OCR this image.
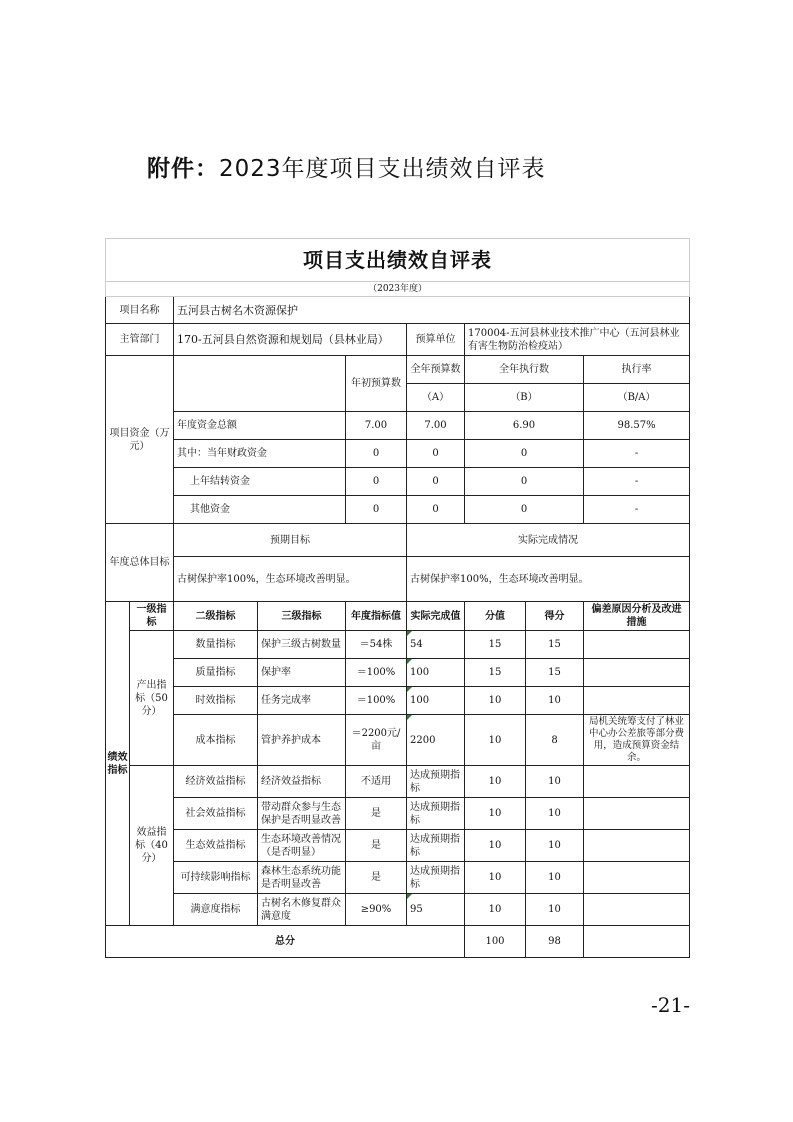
附件：2023年度项目支出绩效自评表
项目支出绩效自评表								
（2023年度）								
项目名称		五河县古树名木资源保护						
主管部门		170-五河县自然资源和规划局（县林业局）			预算单位	170004-五河县林业技术推广中心（五河县林业有害生物防治检疫站）		
项目资金（万元）				年初预算数	全年预算数	全年执行数		执行率
					（A）	（B）		（B/A）
		年度资金总额		7.00	7.00	6.90		98.57%
		其中：当年财政资金		0	0	0		-
		上年结转资金		0	0	0		-
		其他资金		0	0	0		-
年度总体目标		预期目标			实际完成情况			
		古树保护率100%，生态环境改善明显。			古树保护率100%，生态环境改善明显。			
绩效指标	一级指标	二级指标	三级指标	年度指标值	实际完成值	分值	得分	偏差原因分析及改进措施
	产出指标（50分）	数量指标	保护三级古树数量	＝54株	54	15	15	
		质量指标	保护率	＝100%	100	15	15	
		时效指标	任务完成率	＝100%	100	10	10	
		成本指标	管护养护成本	＝2200元/亩	2200	10	8	局机关统筹支付了林业中心办公差旅等部分费用，造成预算资金结余。
	效益指标（40分）	经济效益指标	经济效益指标	不适用	达成预期指标	10	10	
		社会效益指标	带动群众参与生态保护是否明显改善	是	达成预期指标	10	10	
		生态效益指标	生态环境改善情况（是否明显）	是	达成预期指标	10	10	
		可持续影响指标	森林生态系统功能是否明显改善	是	达成预期指标	10	10	
		满意度指标	古树名木修复群众满意度	≥90%	95	10	10	
总分						100	98	
-21-
